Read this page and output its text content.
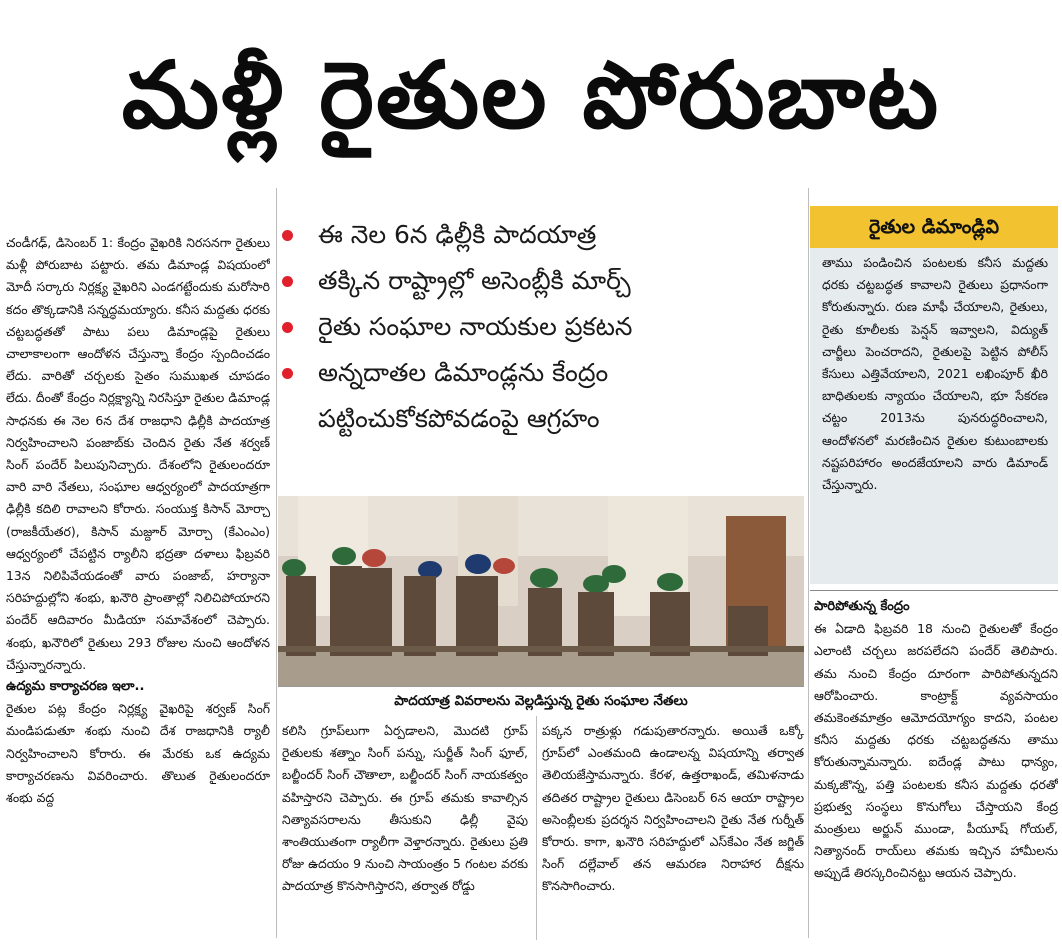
మళ్లీ రైతుల పోరుబాట

చండీగఢ్, డిసెంబర్ 1: కేంద్రం వైఖరికి నిరసనగా రైతులు మళ్లీ పోరుబాట పట్టారు. తమ డిమాండ్ల విషయంలో మోదీ సర్కారు నిర్లక్ష్య వైఖరిని ఎండగట్టేందుకు మరోసారి కదం తొక్కడానికి సన్నద్ధమయ్యారు. కనీస మద్దతు ధరకు చట్టబద్ధతతో పాటు పలు డిమాండ్లపై రైతులు చాలాకాలంగా ఆందోళన చేస్తున్నా కేంద్రం స్పందించడం లేదు. వారితో చర్చలకు సైతం సుముఖత చూపడం లేదు. దీంతో కేంద్రం నిర్లక్ష్యాన్ని నిరసిస్తూ రైతుల డిమాండ్ల సాధనకు ఈ నెల 6న దేశ రాజధాని ఢిల్లీకి పాదయాత్ర నిర్వహించాలని పంజాబ్‌కు చెందిన రైతు నేత శర్వణ్ సింగ్ పందేర్ పిలుపునిచ్చారు. దేశంలోని రైతులందరూ వారి వారి నేతలు, సంఘాల ఆధ్వర్యంలో పాదయాత్రగా ఢిల్లీకి కదిలి రావాలని కోరారు. సంయుక్త కిసాన్ మోర్చా (రాజకీయేతర), కిసాన్ మజ్దూర్ మోర్చా (కేఎంఎం) ఆధ్వర్యంలో చేపట్టిన ర్యాలీని భద్రతా దళాలు ఫిబ్రవరి 13న నిలిపివేయడంతో వారు పంజాబ్, హర్యానా సరిహద్దుల్లోని శంభు, ఖనౌరి ప్రాంతాల్లో నిలిచిపోయారని పందేర్ ఆదివారం మీడియా సమావేశంలో చెప్పారు. శంభు, ఖనౌరిలో రైతులు 293 రోజుల నుంచి ఆందోళన చేస్తున్నారన్నారు.

ఉద్యమ కార్యాచరణ ఇలా..

రైతుల పట్ల కేంద్రం నిర్లక్ష్య వైఖరిపై శర్వణ్ సింగ్ మండిపడుతూ శంభు నుంచి దేశ రాజధానికి ర్యాలీ నిర్వహించాలని కోరారు. ఈ మేరకు ఒక ఉద్యమ కార్యాచరణను వివరించారు. తొలుత రైతులందరూ శంభు వద్ద

ఈ నెల 6న ఢిల్లీకి పాదయాత్ర
తక్కిన రాష్ట్రాల్లో అసెంబ్లీకి మార్చ్
రైతు సంఘాల నాయకుల ప్రకటన
అన్నదాతల డిమాండ్లను కేంద్రం
పట్టించుకోకపోవడంపై ఆగ్రహం
పాదయాత్ర వివరాలను వెల్లడిస్తున్న రైతు సంఘాల నేతలు
కలిసి గ్రూప్‌లుగా ఏర్పడాలని, మొదటి గ్రూప్ రైతులకు శత్నాం సింగ్ పన్ను, సుర్జీత్ సింగ్ ఫూల్, బల్జీందర్ సింగ్ చౌతాలా, బల్జీందర్ సింగ్ నాయకత్వం వహిస్తారని చెప్పారు. ఈ గ్రూప్ తమకు కావాల్సిన నిత్యావసరాలను తీసుకుని ఢిల్లీ వైపు శాంతియుతంగా ర్యాలీగా వెళ్తారన్నారు. రైతులు ప్రతి రోజు ఉదయం 9 నుంచి సాయంత్రం 5 గంటల వరకు పాదయాత్ర కొనసాగిస్తారని, తర్వాత రోడ్డు
పక్కన రాత్రుళ్లు గడుపుతారన్నారు. అయితే ఒక్కో గ్రూప్‌లో ఎంతమంది ఉండాలన్న విషయాన్ని తర్వాత తెలియజేస్తామన్నారు. కేరళ, ఉత్తరాఖండ్, తమిళనాడు తదితర రాష్ట్రాల రైతులు డిసెంబర్ 6న ఆయా రాష్ట్రాల అసెంబ్లీలకు ప్రదర్శన నిర్వహించాలని రైతు నేత గుర్నీత్ కోరారు. కాగా, ఖనౌరి సరిహద్దులో ఎస్‌కేఎం నేత జగ్జిత్ సింగ్ దల్లేవాల్ తన ఆమరణ నిరాహార దీక్షను కొనసాగించారు.
రైతుల డిమాండ్లివి
తాము పండించిన పంటలకు కనీస మద్దతు ధరకు చట్టబద్ధత కావాలని రైతులు ప్రధానంగా కోరుతున్నారు. రుణ మాఫీ చేయాలని, రైతులు, రైతు కూలీలకు పెన్షన్ ఇవ్వాలని, విద్యుత్ చార్జీలు పెంచరాదని, రైతులపై పెట్టిన పోలీస్ కేసులు ఎత్తివేయాలని, 2021 లఖింపూర్ ఖీరి బాధితులకు న్యాయం చేయాలని, భూ సేకరణ చట్టం 2013ను పునరుద్ధరించాలని, ఆందోళనలో మరణించిన రైతుల కుటుంబాలకు నష్టపరిహారం అందజేయాలని వారు డిమాండ్ చేస్తున్నారు.

పారిపోతున్న కేంద్రం

ఈ ఏడాది ఫిబ్రవరి 18 నుంచి రైతులతో కేంద్రం ఎలాంటి చర్చలు జరపలేదని పందేర్ తెలిపారు. తమ నుంచి కేంద్రం దూరంగా పారిపోతున్నదని ఆరోపించారు. కాంట్రాక్ట్ వ్యవసాయం తమకెంతమాత్రం ఆమోదయోగ్యం కాదని, పంటల కనీస మద్దతు ధరకు చట్టబద్ధతను తాము కోరుతున్నామన్నారు. ఐదేండ్ల పాటు ధాన్యం, మక్కజొన్న, పత్తి పంటలకు కనీస మద్దతు ధరతో ప్రభుత్వ సంస్థలు కొనుగోలు చేస్తాయని కేంద్ర మంత్రులు అర్జున్ ముండా, పీయూష్ గోయల్, నిత్యానంద్ రాయ్‌లు తమకు ఇచ్చిన హామీలను అప్పుడే తిరస్కరించినట్టు ఆయన చెప్పారు.
